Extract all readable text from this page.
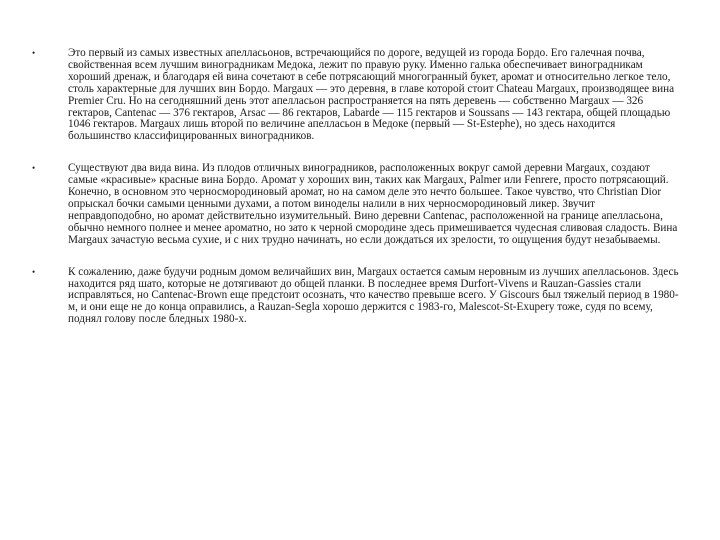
•	Это первый из самых известных апелласьонов, встречающийся по дороге, ведущей из города Бордо. Его галечная почва, свойственная всем лучшим виноградникам Медока, лежит по правую руку. Именно галька обеспечивает виноградникам хороший дренаж, и благодаря ей вина сочетают в себе потрясающий многогранный букет, аромат и относительно легкое тело, столь характерные для лучших вин Бордо. Margaux — это деревня, в главе которой стоит Chateau Margaux, производящее вина Premier Cru. Но на сегодняшний день этот апелласьон распространяется на пять деревень — собственно Margaux — 326 гектаров, Cantenac — 376 гектаров, Arsac — 86 гектаров, Labarde — 115 гектаров и Soussans — 143 гектара, общей площадью 1046 гектаров. Margaux лишь второй по величине апелласьон в Медоке (первый — St-Estephe), но здесь находится большинство классифицированных виноградников.
•	Существуют два вида вина. Из плодов отличных виноградников, расположенных вокруг самой деревни Margaux, создают самые «красивые» красные вина Бордо. Аромат у хороших вин, таких как Margaux, Palmer или Fenrere, просто потрясающий. Конечно, в основном это черносмородиновый аромат, но на самом деле это нечто большее. Такое чувство, что Christian Dior опрыскал бочки самыми ценными духами, а потом виноделы налили в них черносмородиновый ликер. Звучит неправдоподобно, но аромат действительно изумительный. Вино деревни Cantenac, расположенной на границе апелласьона, обычно немного полнее и менее ароматно, но зато к черной смородине здесь примешивается чудесная сливовая сладость. Вина Margaux зачастую весьма сухие, и с них трудно начинать, но если дождаться их зрелости, то ощущения будут незабываемы.
•	К сожалению, даже будучи родным домом величайших вин, Margaux остается самым неровным из лучших апелласьонов. Здесь находится ряд шато, которые не дотягивают до общей планки. В последнее время Durfort-Vivens и Rauzan-Gassies стали исправляться, но Cantenac-Brown еще предстоит осознать, что качество превыше всего. У Giscours был тяжелый период в 1980-м, и они еще не до конца оправились, а Rauzan-Segla хорошо держится с 1983-го, Malescot-St-Exupery тоже, судя по всему, поднял голову после бледных 1980-х.
